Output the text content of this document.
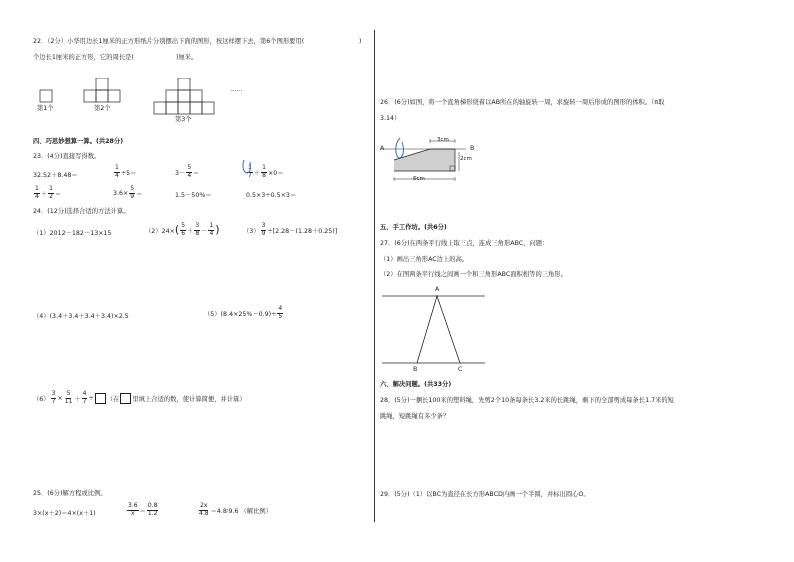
22．（2分）小华用边长1厘米的正方形纸片分别摆出下面的图形，按这样摆下去，第6个图形要用(	)
个边长1厘米的正方形，它的周长是(	)厘米。
……
第1个	第2个
第3个
四、巧思妙想算一算。(共28分)
23．(4分)直接写得数。
32.52＋8.48＝	$\frac{1}{4} \div 5=$	$3- \frac{5}{4}$ ＝	$\frac{1}{7} + \frac{1}{8} \times 0=$
$\frac{1}{4} + \frac{1}{2}$ ＝	$3.6\times \frac{5}{9}$ ＝	1.5－50%＝	0.5×3÷0.5×3＝
24．(12分)选择合适的方法计算。
（1）2012－182－13×15	（2）24× ( $\frac{5}{6} + \frac{3}{8} - \frac{1}{4}$ )	$(3) \frac{3}{9} \div[2.28-(1.28+0.25)]$
（4）(3.4＋3.4＋3.4＋3.4)×2.5	$(5)(8.4\times 25\%-0.9)\div \frac{4}{5}$
$(6) \frac{3}{7} \times \frac{5}{11} + \frac{4}{7}$ ÷ （在 里填上合适的数，使计算简便，并计算）
25．(6分)解方程或比例。
3×(x＋2)＝4×(x＋1)	$\frac{3.6}{x} = \frac{0.8}{1.2}$	$\frac{2x}{4.8}$ ＝4.8∶9.6 （解比例）
26．(6分)如图，将一个直角梯形绕着以AB所在的轴旋转一周，求旋转一周后形成的图形的体积。（π取
3.14）
A	B
3cm
2cm
6cm
五、手工作坊。(共6分)
27．(6分)在两条平行线上取三点，连成三角形ABC，问题：
（1）画出三角形AC边上的高。
（2）在图两条平行线之间画一个和三角形ABC面积相等的三角形。
A
B	C
六、解决问题。(共33分)
28．(5分)一捆长100米的塑料绳，先剪2个10条每条长3.2米的长跳绳，剩下的全部剪成每条长1.7米的短
跳绳，短跳绳有多少条？
29．(5分)（1）以BC为直径在长方形ABCD内画一个半圆，并标出圆心O。
